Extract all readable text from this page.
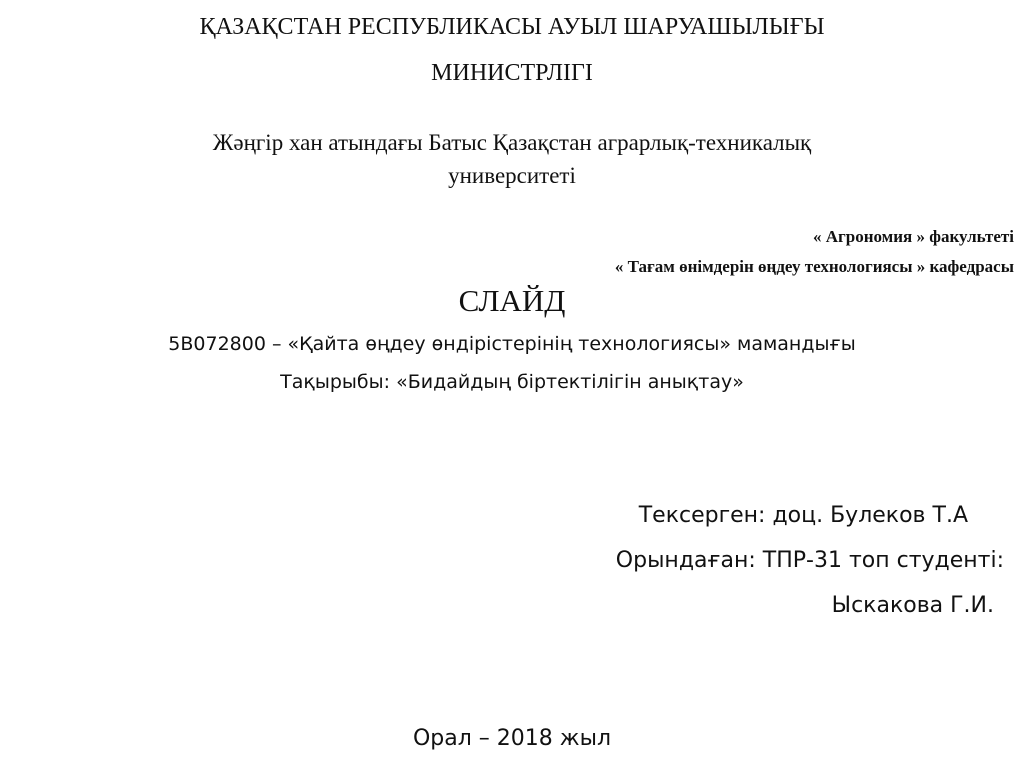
ҚАЗАҚСТАН РЕСПУБЛИКАСЫ АУЫЛ ШАРУАШЫЛЫҒЫ
МИНИСТРЛІГІ
Жәңгір хан атындағы Батыс Қазақстан аграрлық-техникалық
университеті
« Агрономия » факультеті
« Тағам өнімдерін өңдеу технологиясы » кафедрасы
СЛАЙД
5В072800 – «Қайта өңдеу өндірістерінің технологиясы» мамандығы
Тақырыбы: «Бидайдың біртектілігін анықтау»
Тексерген: доц. Булеков Т.А
Орындаған: ТПР-31 топ студенті:
Ыскакова Г.И.
Орал – 2018 жыл
